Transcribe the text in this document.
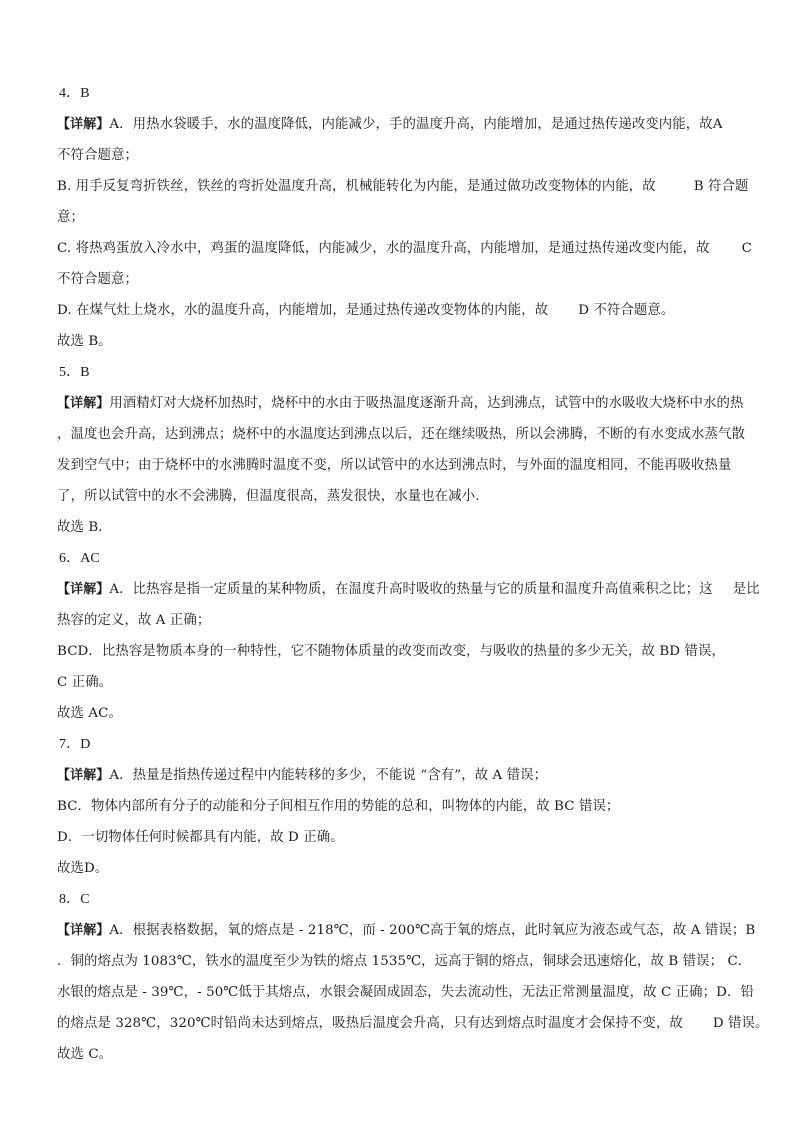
4．B
【详解】A．用热水袋暖手，水的温度降低，内能减少，手的温度升高，内能增加，是通过热传递改变内能，故A
不符合题意；
B. 用手反复弯折铁丝，铁丝的弯折处温度升高，机械能转化为内能，是通过做功改变物体的内能，故	B 符合题
意；
C. 将热鸡蛋放入冷水中，鸡蛋的温度降低，内能减少，水的温度升高，内能增加，是通过热传递改变内能，故 C
不符合题意；
D. 在煤气灶上烧水，水的温度升高，内能增加，是通过热传递改变物体的内能，故 D 不符合题意。
故选 B。
5．B
【详解】用酒精灯对大烧杯加热时，烧杯中的水由于吸热温度逐渐升高，达到沸点，试管中的水吸收大烧杯中水的热
，温度也会升高，达到沸点；烧杯中的水温度达到沸点以后，还在继续吸热，所以会沸腾，不断的有水变成水蒸气散
发到空气中；由于烧杯中的水沸腾时温度不变，所以试管中的水达到沸点时，与外面的温度相同，不能再吸收热量
了，所以试管中的水不会沸腾，但温度很高，蒸发很快，水量也在减小.
故选 B．
6．AC
【详解】A．比热容是指一定质量的某种物质，在温度升高时吸收的热量与它的质量和温度升高值乘积之比；这 是比
热容的定义，故 A 正确；
BCD．比热容是物质本身的一种特性，它不随物体质量的改变而改变，与吸收的热量的多少无关，故 BD 错误，
C 正确。
故选 AC。
7．D
【详解】A．热量是指热传递过程中内能转移的多少，不能说 “含有”，故 A 错误；
BC．物体内部所有分子的动能和分子间相互作用的势能的总和，叫物体的内能，故 BC 错误；
D．一切物体任何时候都具有内能，故 D 正确。
故选D。
8．C
【详解】A．根据表格数据，氧的熔点是 - 218℃，而 - 200℃高于氧的熔点，此时氧应为液态或气态，故 A 错误；B
．铜的熔点为 1083℃，铁水的温度至少为铁的熔点 1535℃，远高于铜的熔点，铜球会迅速熔化，故 B 错误； C．
水银的熔点是 - 39℃，- 50℃低于其熔点，水银会凝固成固态，失去流动性，无法正常测量温度，故 C 正确；D．铅
的熔点是 328℃，320℃时铅尚未达到熔点，吸热后温度会升高，只有达到熔点时温度才会保持不变，故 D 错误。
故选 C。
